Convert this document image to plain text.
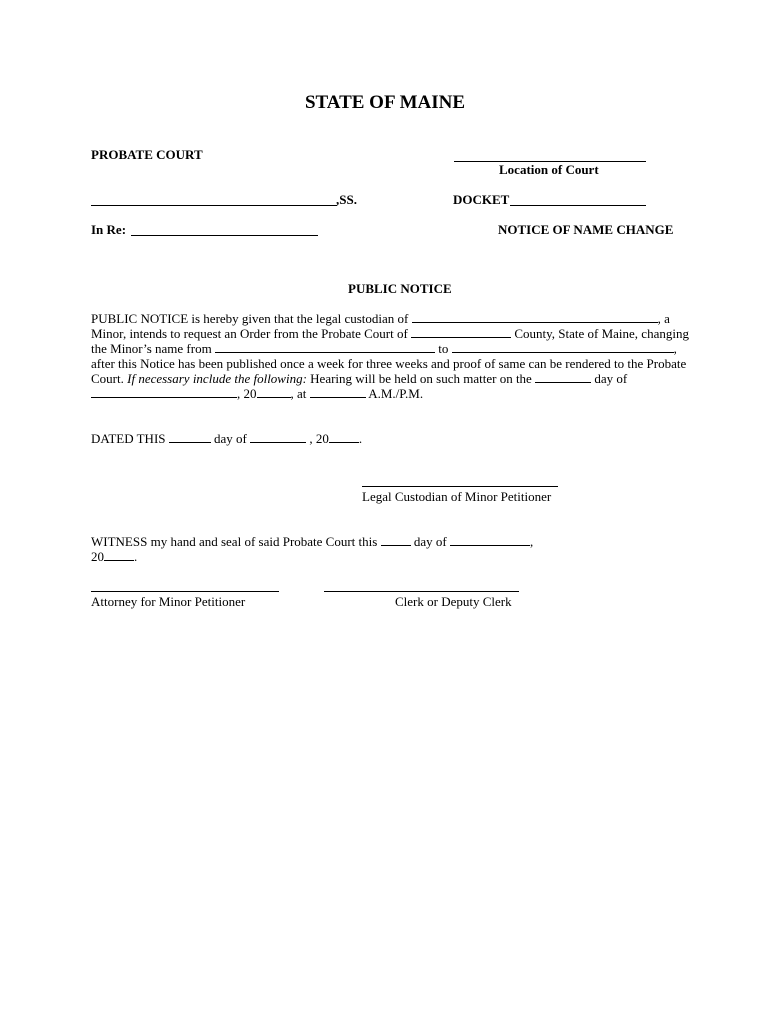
STATE OF MAINE
PROBATE COURT
Location of Court
,SS.	DOCKET
In Re:	NOTICE OF NAME CHANGE
PUBLIC NOTICE
PUBLIC NOTICE is hereby given that the legal custodian of	, a
Minor, intends to request an Order from the Probate Court of	County, State of Maine, changing
the Minor’s name from	to	,
after this Notice has been published once a week for three weeks and proof of same can be rendered to the Probate
Court. If necessary include the following: Hearing will be held on such matter on the	day of
, 20	, at	A.M./P.M.
DATED THIS	day of	, 20 .
Legal Custodian of Minor Petitioner
WITNESS my hand and seal of said Probate Court this	day of	,
20 .
Attorney for Minor Petitioner	Clerk or Deputy Clerk
